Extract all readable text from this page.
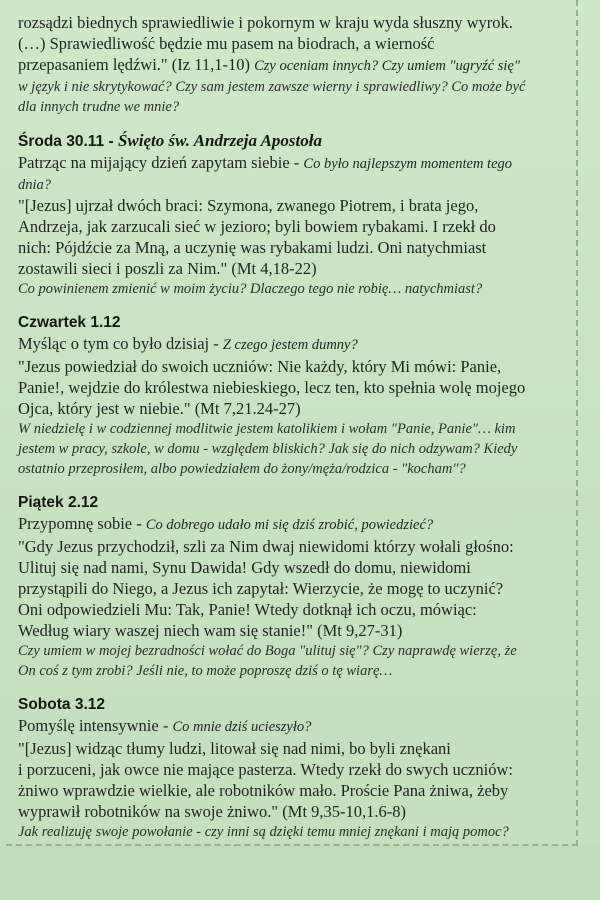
rozsądzi biednych sprawiedliwie i pokornym w kraju wyda słuszny wyrok.

(…) Sprawiedliwość będzie mu pasem na biodrach, a wierność

przepasaniem lędźwi." (Iz 11,1-10) Czy oceniam innych? Czy umiem "ugryźć się"

w język i nie skrytykować? Czy sam jestem zawsze wierny i sprawiedliwy? Co może być

dla innych trudne we mnie?

Środa 30.11 - Święto św. Andrzeja Apostoła

Patrząc na mijający dzień zapytam siebie - Co było najlepszym momentem tego

dnia?

"[Jezus] ujrzał dwóch braci: Szymona, zwanego Piotrem, i brata jego,

Andrzeja, jak zarzucali sieć w jezioro; byli bowiem rybakami. I rzekł do

nich: Pójdźcie za Mną, a uczynię was rybakami ludzi. Oni natychmiast

zostawili sieci i poszli za Nim." (Mt 4,18-22)

Co powinienem zmienić w moim życiu? Dlaczego tego nie robię… natychmiast?

Czwartek 1.12

Myśląc o tym co było dzisiaj - Z czego jestem dumny?

"Jezus powiedział do swoich uczniów: Nie każdy, który Mi mówi: Panie,

Panie!, wejdzie do królestwa niebieskiego, lecz ten, kto spełnia wolę mojego

Ojca, który jest w niebie." (Mt 7,21.24-27)

W niedzielę i w codziennej modlitwie jestem katolikiem i wołam "Panie, Panie"… kim

jestem w pracy, szkole, w domu - względem bliskich? Jak się do nich odzywam? Kiedy

ostatnio przeprosiłem, albo powiedziałem do żony/męża/rodzica - "kocham"?

Piątek 2.12

Przypomnę sobie - Co dobrego udało mi się dziś zrobić, powiedzieć?

"Gdy Jezus przychodził, szli za Nim dwaj niewidomi którzy wołali głośno:

Ulituj się nad nami, Synu Dawida! Gdy wszedł do domu, niewidomi

przystąpili do Niego, a Jezus ich zapytał: Wierzycie, że mogę to uczynić?

Oni odpowiedzieli Mu: Tak, Panie! Wtedy dotknął ich oczu, mówiąc:

Według wiary waszej niech wam się stanie!" (Mt 9,27-31)

Czy umiem w mojej bezradności wołać do Boga "ulituj się"? Czy naprawdę wierzę, że

On coś z tym zrobi? Jeśli nie, to może poproszę dziś o tę wiarę…

Sobota 3.12

Pomyślę intensywnie - Co mnie dziś ucieszyło?

"[Jezus] widząc tłumy ludzi, litował się nad nimi, bo byli znękani

i porzuceni, jak owce nie mające pasterza. Wtedy rzekł do swych uczniów:

żniwo wprawdzie wielkie, ale robotników mało. Proście Pana żniwa, żeby

wyprawił robotników na swoje żniwo." (Mt 9,35-10,1.6-8)

Jak realizuję swoje powołanie - czy inni są dzięki temu mniej znękani i mają pomoc?
